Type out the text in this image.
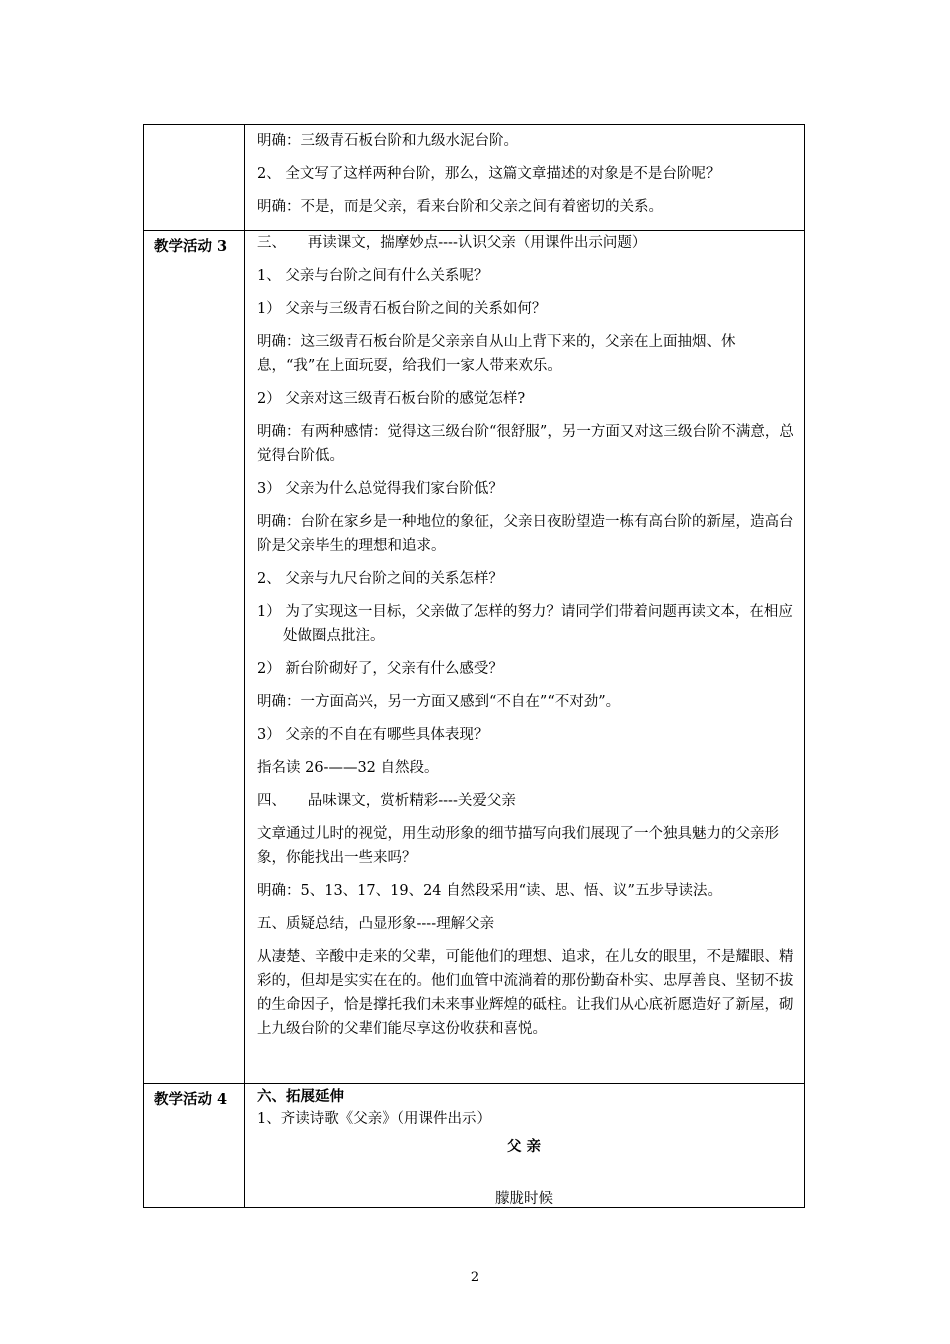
明确：三级青石板台阶和九级水泥台阶。

2、 全文写了这样两种台阶，那么，这篇文章描述的对象是不是台阶呢？

明确：不是，而是父亲，看来台阶和父亲之间有着密切的关系。

教学活动 3 三、　　再读课文，揣摩妙点----认识父亲（用课件出示问题）

1、 父亲与台阶之间有什么关系呢？

1） 父亲与三级青石板台阶之间的关系如何？

明确：这三级青石板台阶是父亲亲自从山上背下来的，父亲在上面抽烟、休息，“我”在上面玩耍，给我们一家人带来欢乐。

2） 父亲对这三级青石板台阶的感觉怎样?

明确：有两种感情：觉得这三级台阶“很舒服”，另一方面又对这三级台阶不满意，总觉得台阶低。

3） 父亲为什么总觉得我们家台阶低？

明确：台阶在家乡是一种地位的象征，父亲日夜盼望造一栋有高台阶的新屋，造高台阶是父亲毕生的理想和追求。

2、 父亲与九尺台阶之间的关系怎样？

1） 为了实现这一目标，父亲做了怎样的努力？请同学们带着问题再读文本，在相应处做圈点批注。

2） 新台阶砌好了，父亲有什么感受？

明确：一方面高兴，另一方面又感到“不自在”“不对劲”。

3） 父亲的不自在有哪些具体表现？

指名读 26-——32 自然段。

四、　　品味课文，赏析精彩----关爱父亲

文章通过儿时的视觉，用生动形象的细节描写向我们展现了一个独具魅力的父亲形象，你能找出一些来吗？

明确：5、13、17、19、24 自然段采用“读、思、悟、议”五步导读法。

五、质疑总结，凸显形象----理解父亲

从凄楚、辛酸中走来的父辈，可能他们的理想、追求，在儿女的眼里，不是耀眼、精彩的，但却是实实在在的。他们血管中流淌着的那份勤奋朴实、忠厚善良、坚韧不拔的生命因子，恰是撑托我们未来事业辉煌的砥柱。让我们从心底祈愿造好了新屋，砌上九级台阶的父辈们能尽享这份收获和喜悦。

教学活动 4 六、拓展延伸

1、齐读诗歌《父亲》（用课件出示）

父 亲
朦胧时候
2
